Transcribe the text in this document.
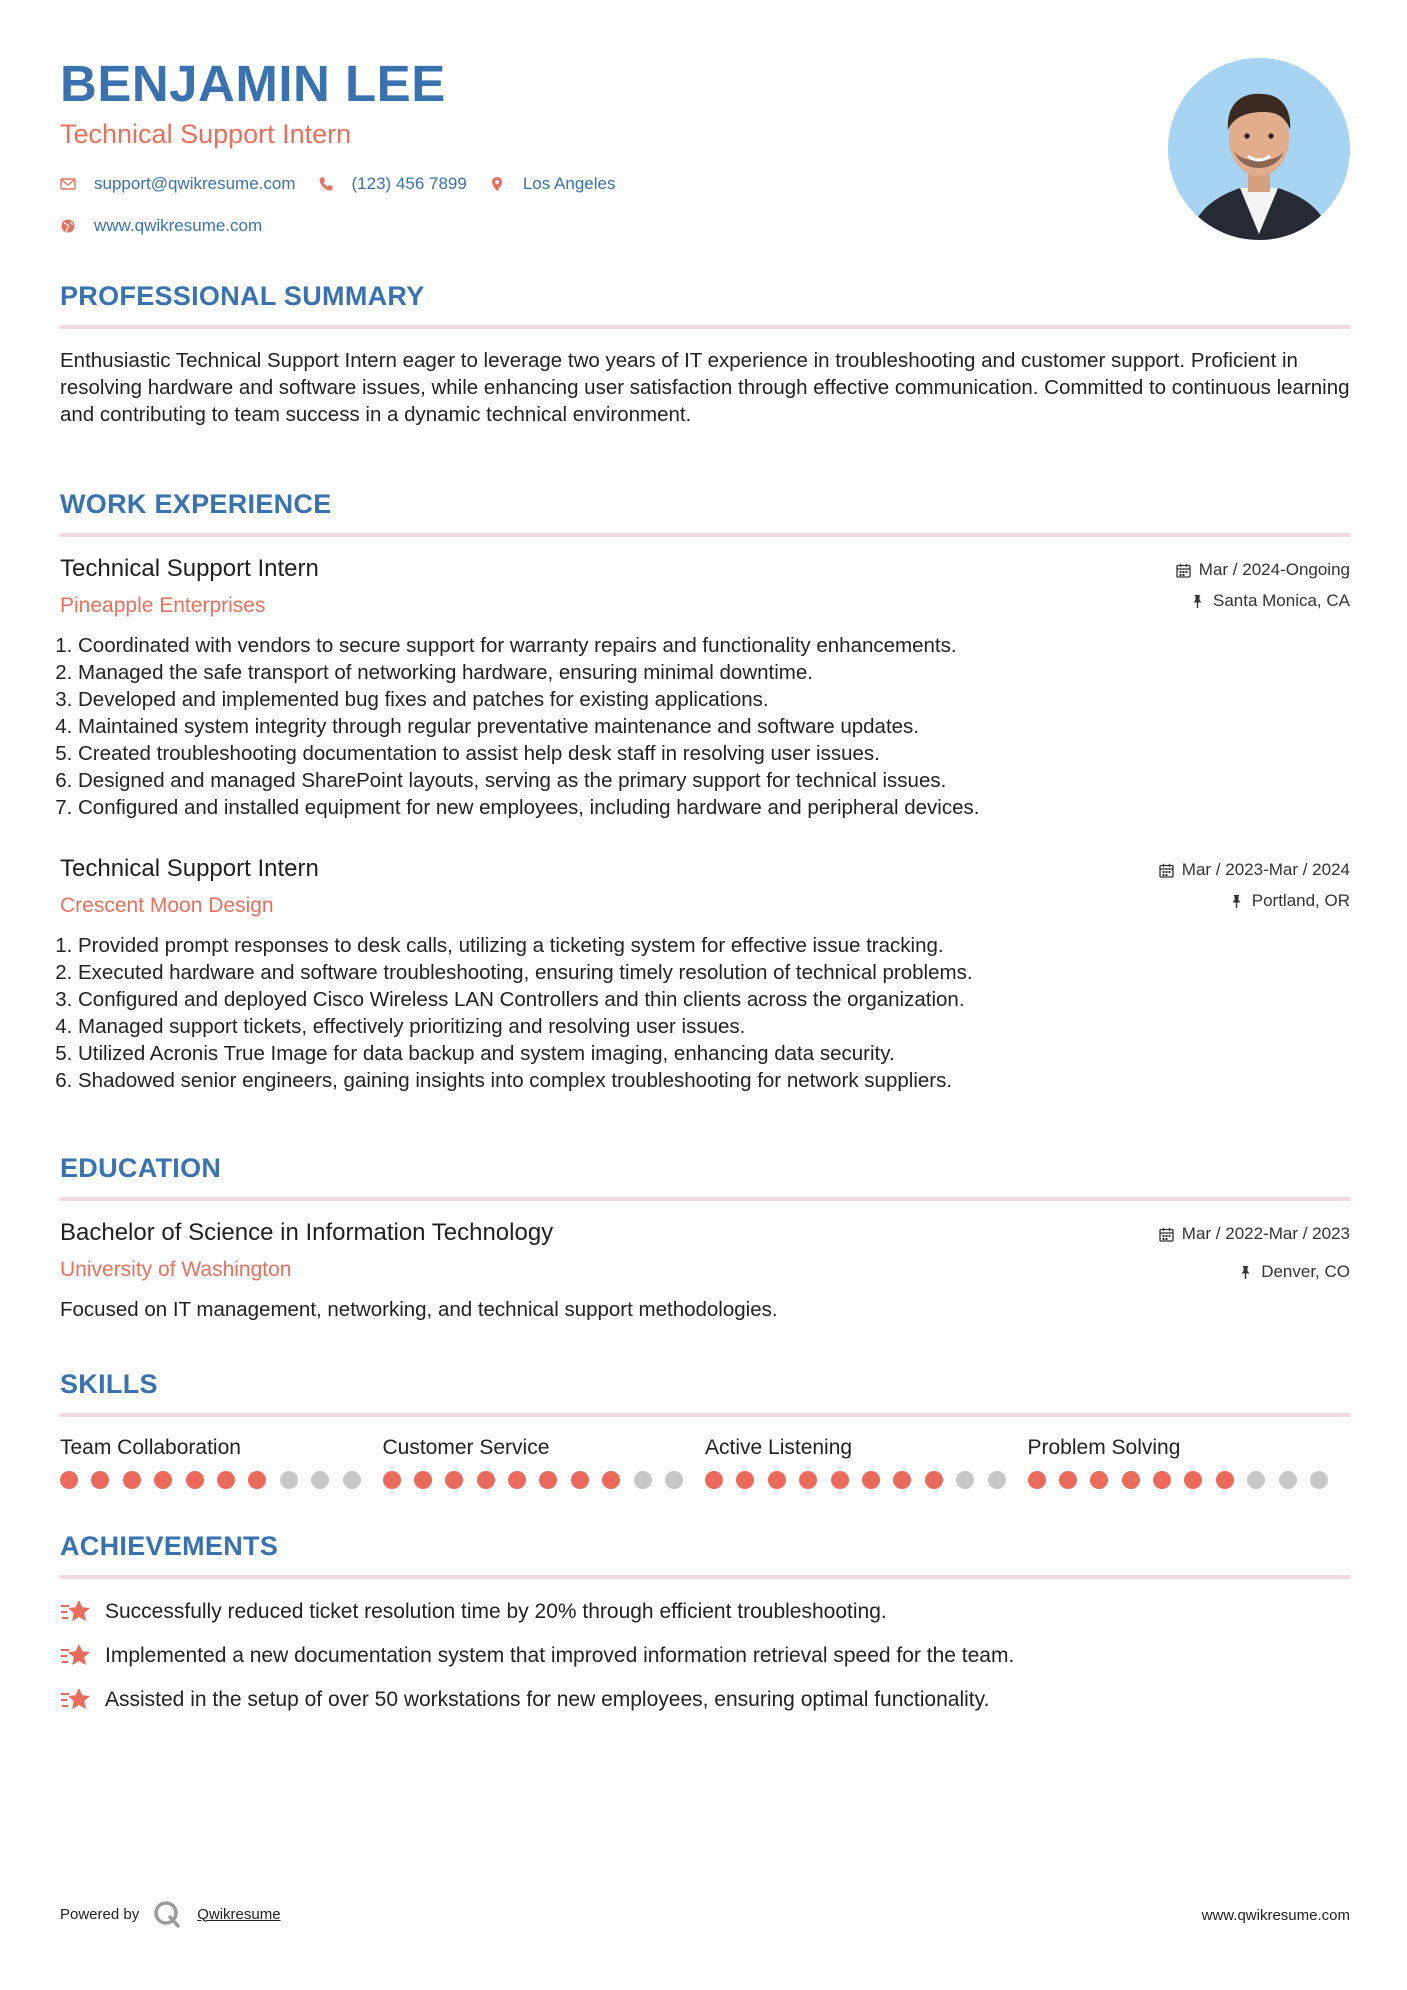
BENJAMIN LEE

Technical Support Intern

support@qwikresume.com	(123) 456 7899	Los Angeles
www.qwikresume.com
PROFESSIONAL SUMMARY

Enthusiastic Technical Support Intern eager to leverage two years of IT experience in troubleshooting and customer support. Proficient in resolving hardware and software issues, while enhancing user satisfaction through effective communication. Committed to continuous learning and contributing to team success in a dynamic technical environment.

WORK EXPERIENCE

Technical Support Intern

Pineapple Enterprises

Mar / 2024-Ongoing
Santa Monica, CA
1. Coordinated with vendors to secure support for warranty repairs and functionality enhancements.
2. Managed the safe transport of networking hardware, ensuring minimal downtime.
3. Developed and implemented bug fixes and patches for existing applications.
4. Maintained system integrity through regular preventative maintenance and software updates.
5. Created troubleshooting documentation to assist help desk staff in resolving user issues.
6. Designed and managed SharePoint layouts, serving as the primary support for technical issues.
7. Configured and installed equipment for new employees, including hardware and peripheral devices.

Technical Support Intern

Crescent Moon Design

Mar / 2023-Mar / 2024
Portland, OR
1. Provided prompt responses to desk calls, utilizing a ticketing system for effective issue tracking.
2. Executed hardware and software troubleshooting, ensuring timely resolution of technical problems.
3. Configured and deployed Cisco Wireless LAN Controllers and thin clients across the organization.
4. Managed support tickets, effectively prioritizing and resolving user issues.
5. Utilized Acronis True Image for data backup and system imaging, enhancing data security.
6. Shadowed senior engineers, gaining insights into complex troubleshooting for network suppliers.
EDUCATION

Bachelor of Science in Information Technology

University of Washington

Mar / 2022-Mar / 2023
Denver, CO

Focused on IT management, networking, and technical support methodologies.

SKILLS
Team Collaboration	Customer Service	Active Listening	Problem Solving
ACHIEVEMENTS
Successfully reduced ticket resolution time by 20% through efficient troubleshooting.
Implemented a new documentation system that improved information retrieval speed for the team.
Assisted in the setup of over 50 workstations for new employees, ensuring optimal functionality.
Powered by	Qwikresume	www.qwikresume.com
